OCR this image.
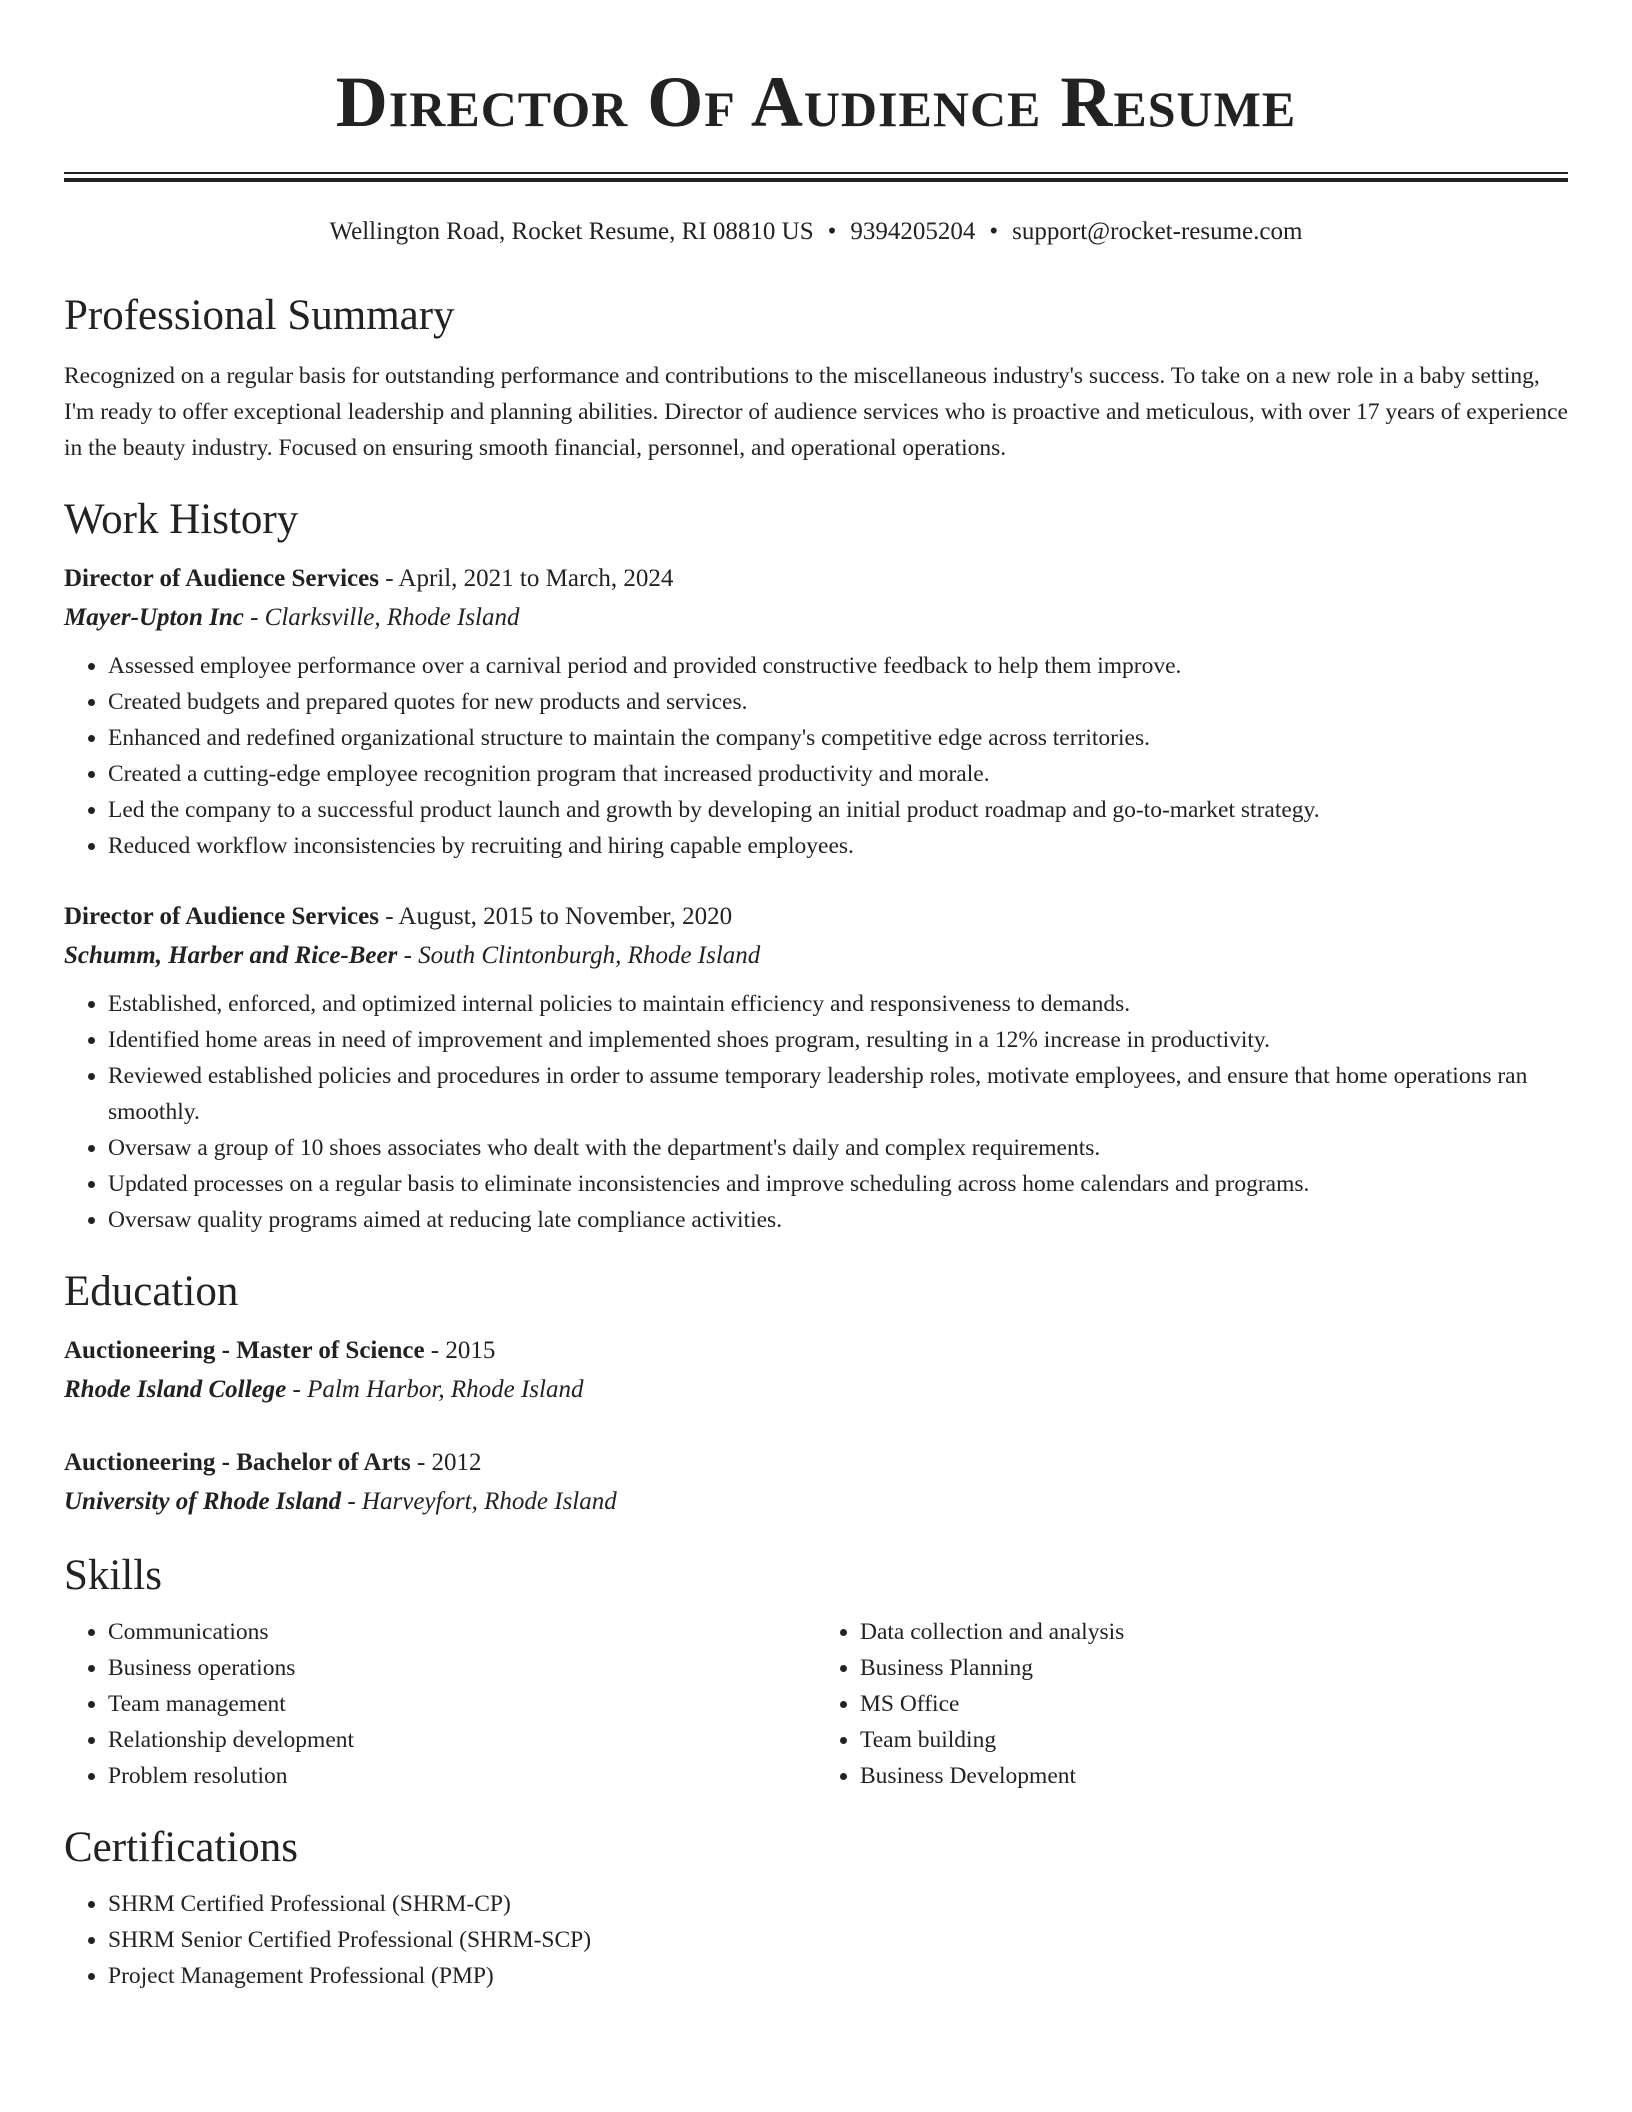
Director Of Audience Resume
Wellington Road, Rocket Resume, RI 08810 US • 9394205204 • support@rocket-resume.com
Professional Summary

Recognized on a regular basis for outstanding performance and contributions to the miscellaneous industry's success. To take on a new role in a baby setting, I'm ready to offer exceptional leadership and planning abilities. Director of audience services who is proactive and meticulous, with over 17 years of experience in the beauty industry. Focused on ensuring smooth financial, personnel, and operational operations.

Work History
Director of Audience Services - April, 2021 to March, 2024
Mayer-Upton Inc - Clarksville, Rhode Island
• Assessed employee performance over a carnival period and provided constructive feedback to help them improve.
• Created budgets and prepared quotes for new products and services.
• Enhanced and redefined organizational structure to maintain the company's competitive edge across territories.
• Created a cutting-edge employee recognition program that increased productivity and morale.
• Led the company to a successful product launch and growth by developing an initial product roadmap and go-to-market strategy.
• Reduced workflow inconsistencies by recruiting and hiring capable employees.
Director of Audience Services - August, 2015 to November, 2020
Schumm, Harber and Rice-Beer - South Clintonburgh, Rhode Island
• Established, enforced, and optimized internal policies to maintain efficiency and responsiveness to demands.
• Identified home areas in need of improvement and implemented shoes program, resulting in a 12% increase in productivity.
• Reviewed established policies and procedures in order to assume temporary leadership roles, motivate employees, and ensure that home operations ran smoothly.
• Oversaw a group of 10 shoes associates who dealt with the department's daily and complex requirements.
• Updated processes on a regular basis to eliminate inconsistencies and improve scheduling across home calendars and programs.
• Oversaw quality programs aimed at reducing late compliance activities.
Education
Auctioneering - Master of Science - 2015
Rhode Island College - Palm Harbor, Rhode Island
Auctioneering - Bachelor of Arts - 2012
University of Rhode Island - Harveyfort, Rhode Island
Skills
• Communications
• Business operations
• Team management
• Relationship development
• Problem resolution
• Data collection and analysis
• Business Planning
• MS Office
• Team building
• Business Development
Certifications
• SHRM Certified Professional (SHRM-CP)
• SHRM Senior Certified Professional (SHRM-SCP)
• Project Management Professional (PMP)
